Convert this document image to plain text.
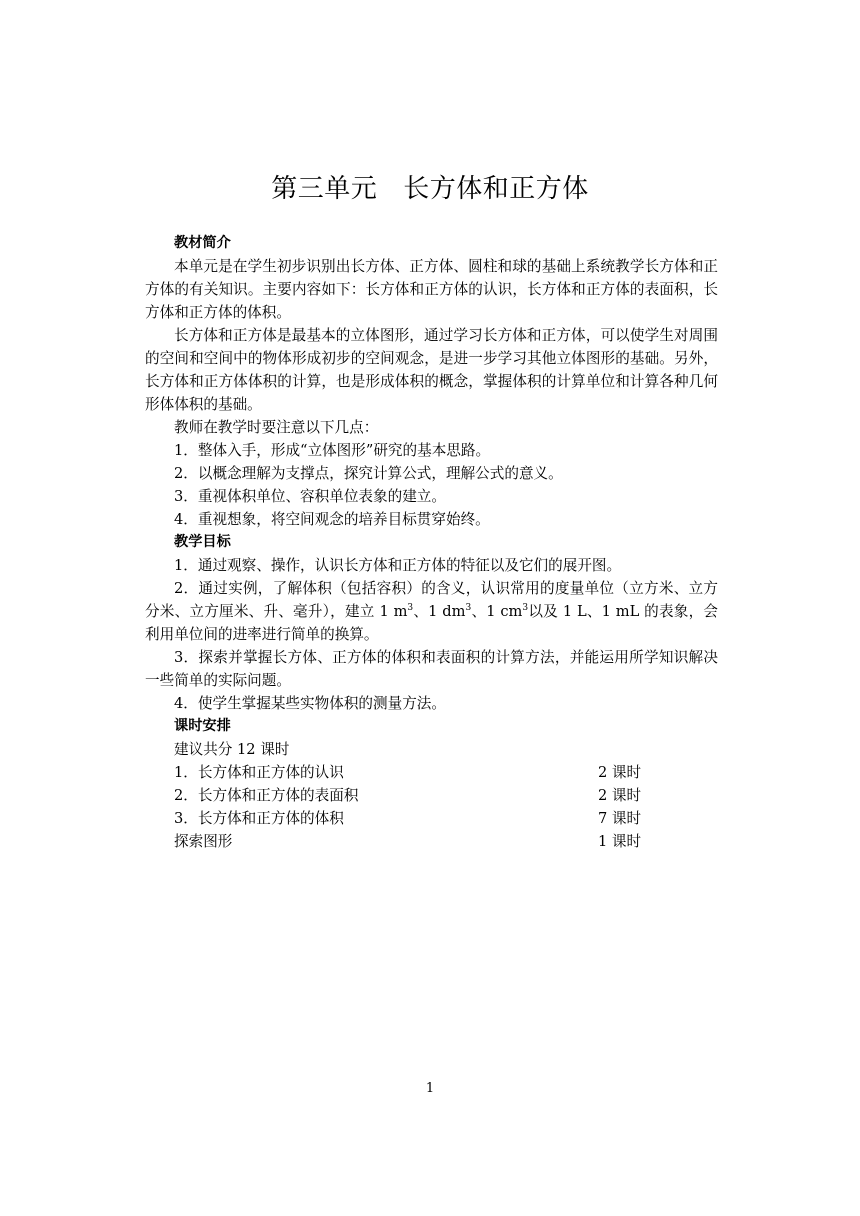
第三单元 长方体和正方体
教材简介
本单元是在学生初步识别出长方体、正方体、圆柱和球的基础上系统教学长方体和正方体的有关知识。主要内容如下：长方体和正方体的认识，长方体和正方体的表面积，长方体和正方体的体积。
长方体和正方体是最基本的立体图形，通过学习长方体和正方体，可以使学生对周围的空间和空间中的物体形成初步的空间观念，是进一步学习其他立体图形的基础。另外，长方体和正方体体积的计算，也是形成体积的概念，掌握体积的计算单位和计算各种几何形体体积的基础。
教师在教学时要注意以下几点：
1．整体入手，形成“立体图形”研究的基本思路。
2．以概念理解为支撑点，探究计算公式，理解公式的意义。
3．重视体积单位、容积单位表象的建立。
4．重视想象，将空间观念的培养目标贯穿始终。
教学目标
1．通过观察、操作，认识长方体和正方体的特征以及它们的展开图。
2．通过实例，了解体积（包括容积）的含义，认识常用的度量单位（立方米、立方分米、立方厘米、升、毫升），建立 1 $m^3$、1 $dm^3$、1 $cm^3$以及 1 L、1 mL 的表象，会利用单位间的进率进行简单的换算。
3．探索并掌握长方体、正方体的体积和表面积的计算方法，并能运用所学知识解决一些简单的实际问题。
4．使学生掌握某些实物体积的测量方法。
课时安排
建议共分 12 课时
1．长方体和正方体的认识	2 课时
2．长方体和正方体的表面积	2 课时
3．长方体和正方体的体积	7 课时
探索图形	1 课时
1
